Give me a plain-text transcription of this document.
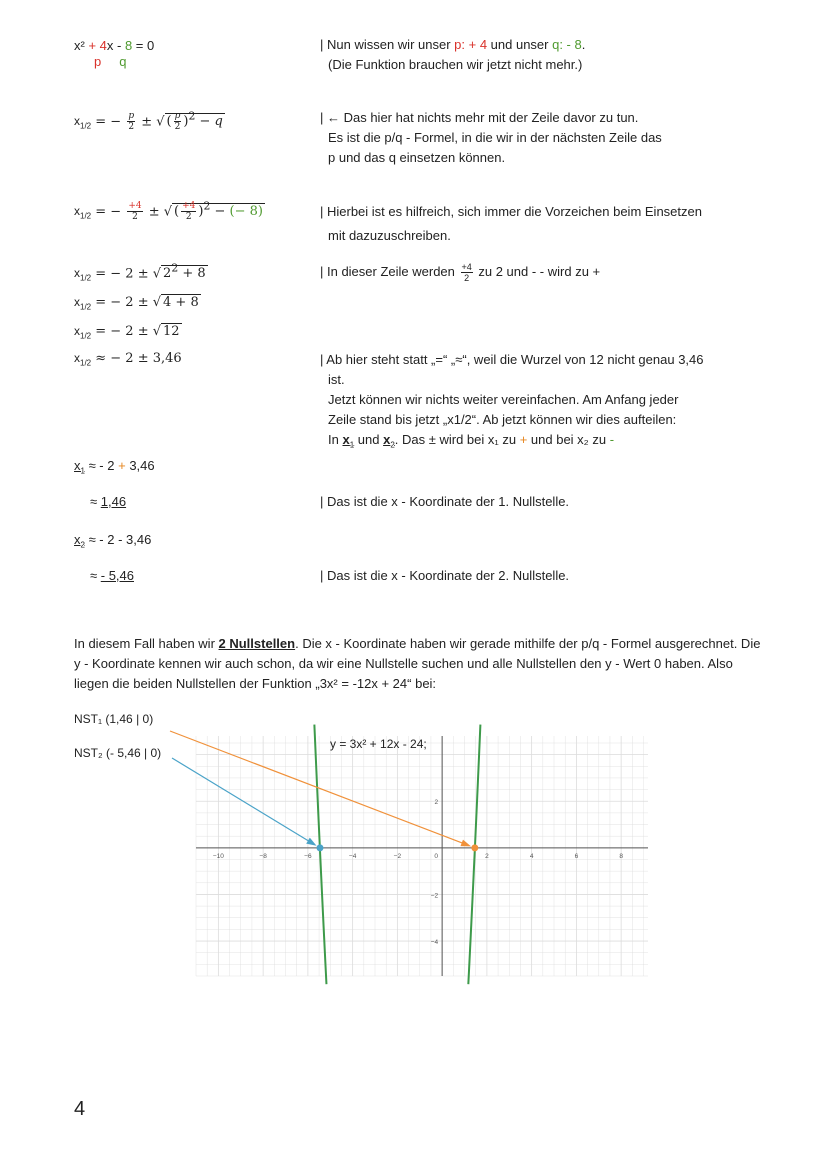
x² + 4x - 8 = 0
p q
| Nun wissen wir unser p: + 4 und unser q: - 8.
(Die Funktion brauchen wir jetzt nicht mehr.)
$x_{1/2}$ = − $\frac{p}{2}$ ± √ ( $\frac{p}{2} )^2 - q$	| ← Das hier hat nichts mehr mit der Zeile davor zu tun.
Es ist die p/q - Formel, in die wir in der nächsten Zeile das
p und das q einsetzen können.
$x_{1/2}$ = − $\frac{+4}{2}$ ± √ ( $\frac{+4}{2} )^2$ − (− 8)	| Hierbei ist es hilfreich, sich immer die Vorzeichen beim Einsetzen
mit dazuzuschreiben.
$x_{1/2}$ = − 2 ± √ $2^2 + 8$	| In dieser Zeile werden $\frac{+4}{2}$ zu 2 und - - wird zu +
$x_{1/2}$ = − 2 ± √ 4 + 8
$x_{1/2}$ = − 2 ± √ 12
$x_{1/2}$ ≈ − 2 ± 3,46	| Ab hier steht statt „=“ „≈“, weil die Wurzel von 12 nicht genau 3,46
ist.
Jetzt können wir nichts weiter vereinfachen. Am Anfang jeder
Zeile stand bis jetzt „x1/2“. Ab jetzt können wir dies aufteilen:
In $x_1$ und $x_2$. Das ± wird bei x₁ zu + und bei x₂ zu -
$x_1$ ≈ - 2 + 3,46
≈ 1,46	| Das ist die x - Koordinate der 1. Nullstelle.
$x_2$ ≈ - 2 - 3,46
≈ - 5,46	| Das ist die x - Koordinate der 2. Nullstelle.

In diesem Fall haben wir 2 Nullstellen. Die x - Koordinate haben wir gerade mithilfe der p/q - Formel ausgerechnet. Die y - Koordinate kennen wir auch schon, da wir eine Nullstelle suchen und alle Nullstellen den y - Wert 0 haben. Also liegen die beiden Nullstellen der Funktion „3x² = -12x + 24“ bei:

NST₁ (1,46 | 0)
NST₂ (- 5,46 | 0)
−10	−8	−6	−4	−2	0	2	4	6	8
2
−2
−4
y = 3x² + 12x - 24;
4
